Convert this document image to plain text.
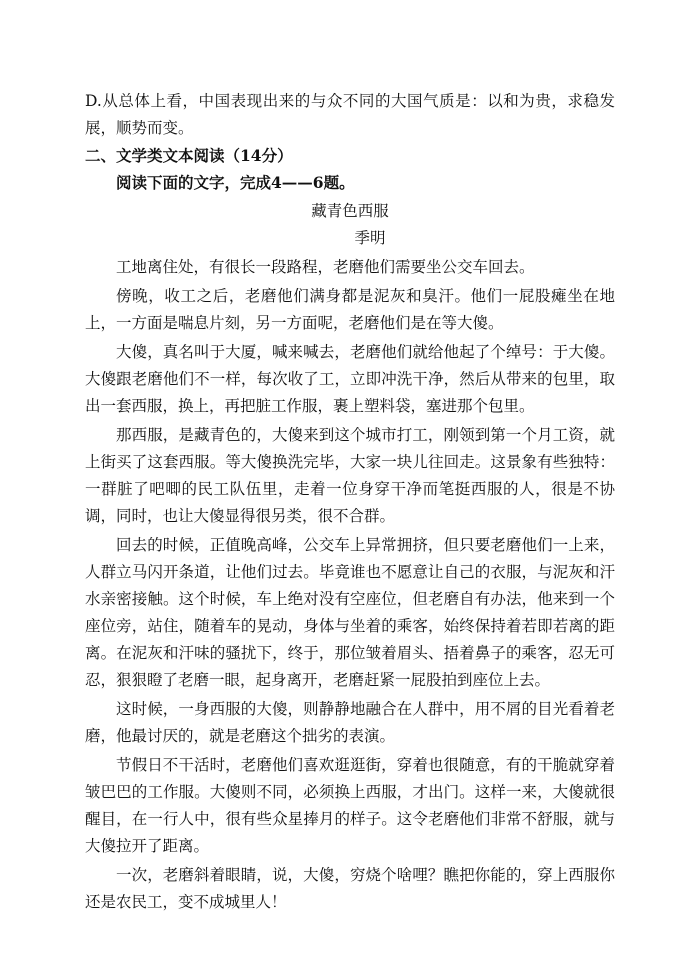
D.从总体上看，中国表现出来的与众不同的大国气质是：以和为贵，求稳发展，顺势而变。

二、文学类文本阅读（14分）

阅读下面的文字，完成4——6题。

藏青色西服

季明

工地离住处，有很长一段路程，老磨他们需要坐公交车回去。

傍晚，收工之后，老磨他们满身都是泥灰和臭汗。他们一屁股瘫坐在地上，一方面是喘息片刻，另一方面呢，老磨他们是在等大傻。

大傻，真名叫于大厦，喊来喊去，老磨他们就给他起了个绰号：于大傻。大傻跟老磨他们不一样，每次收了工，立即冲洗干净，然后从带来的包里，取出一套西服，换上，再把脏工作服，裹上塑料袋，塞进那个包里。

那西服，是藏青色的，大傻来到这个城市打工，刚领到第一个月工资，就上街买了这套西服。等大傻换洗完毕，大家一块儿往回走。这景象有些独特：一群脏了吧唧的民工队伍里，走着一位身穿干净而笔挺西服的人，很是不协调，同时，也让大傻显得很另类，很不合群。

回去的时候，正值晚高峰，公交车上异常拥挤，但只要老磨他们一上来，人群立马闪开条道，让他们过去。毕竟谁也不愿意让自己的衣服，与泥灰和汗水亲密接触。这个时候，车上绝对没有空座位，但老磨自有办法，他来到一个座位旁，站住，随着车的晃动，身体与坐着的乘客，始终保持着若即若离的距离。在泥灰和汗味的骚扰下，终于，那位皱着眉头、捂着鼻子的乘客，忍无可忍，狠狠瞪了老磨一眼，起身离开，老磨赶紧一屁股拍到座位上去。

这时候，一身西服的大傻，则静静地融合在人群中，用不屑的目光看着老磨，他最讨厌的，就是老磨这个拙劣的表演。

节假日不干活时，老磨他们喜欢逛逛街，穿着也很随意，有的干脆就穿着皱巴巴的工作服。大傻则不同，必须换上西服，才出门。这样一来，大傻就很醒目，在一行人中，很有些众星捧月的样子。这令老磨他们非常不舒服，就与大傻拉开了距离。

一次，老磨斜着眼睛，说，大傻，穷烧个啥哩？瞧把你能的，穿上西服你还是农民工，变不成城里人！
